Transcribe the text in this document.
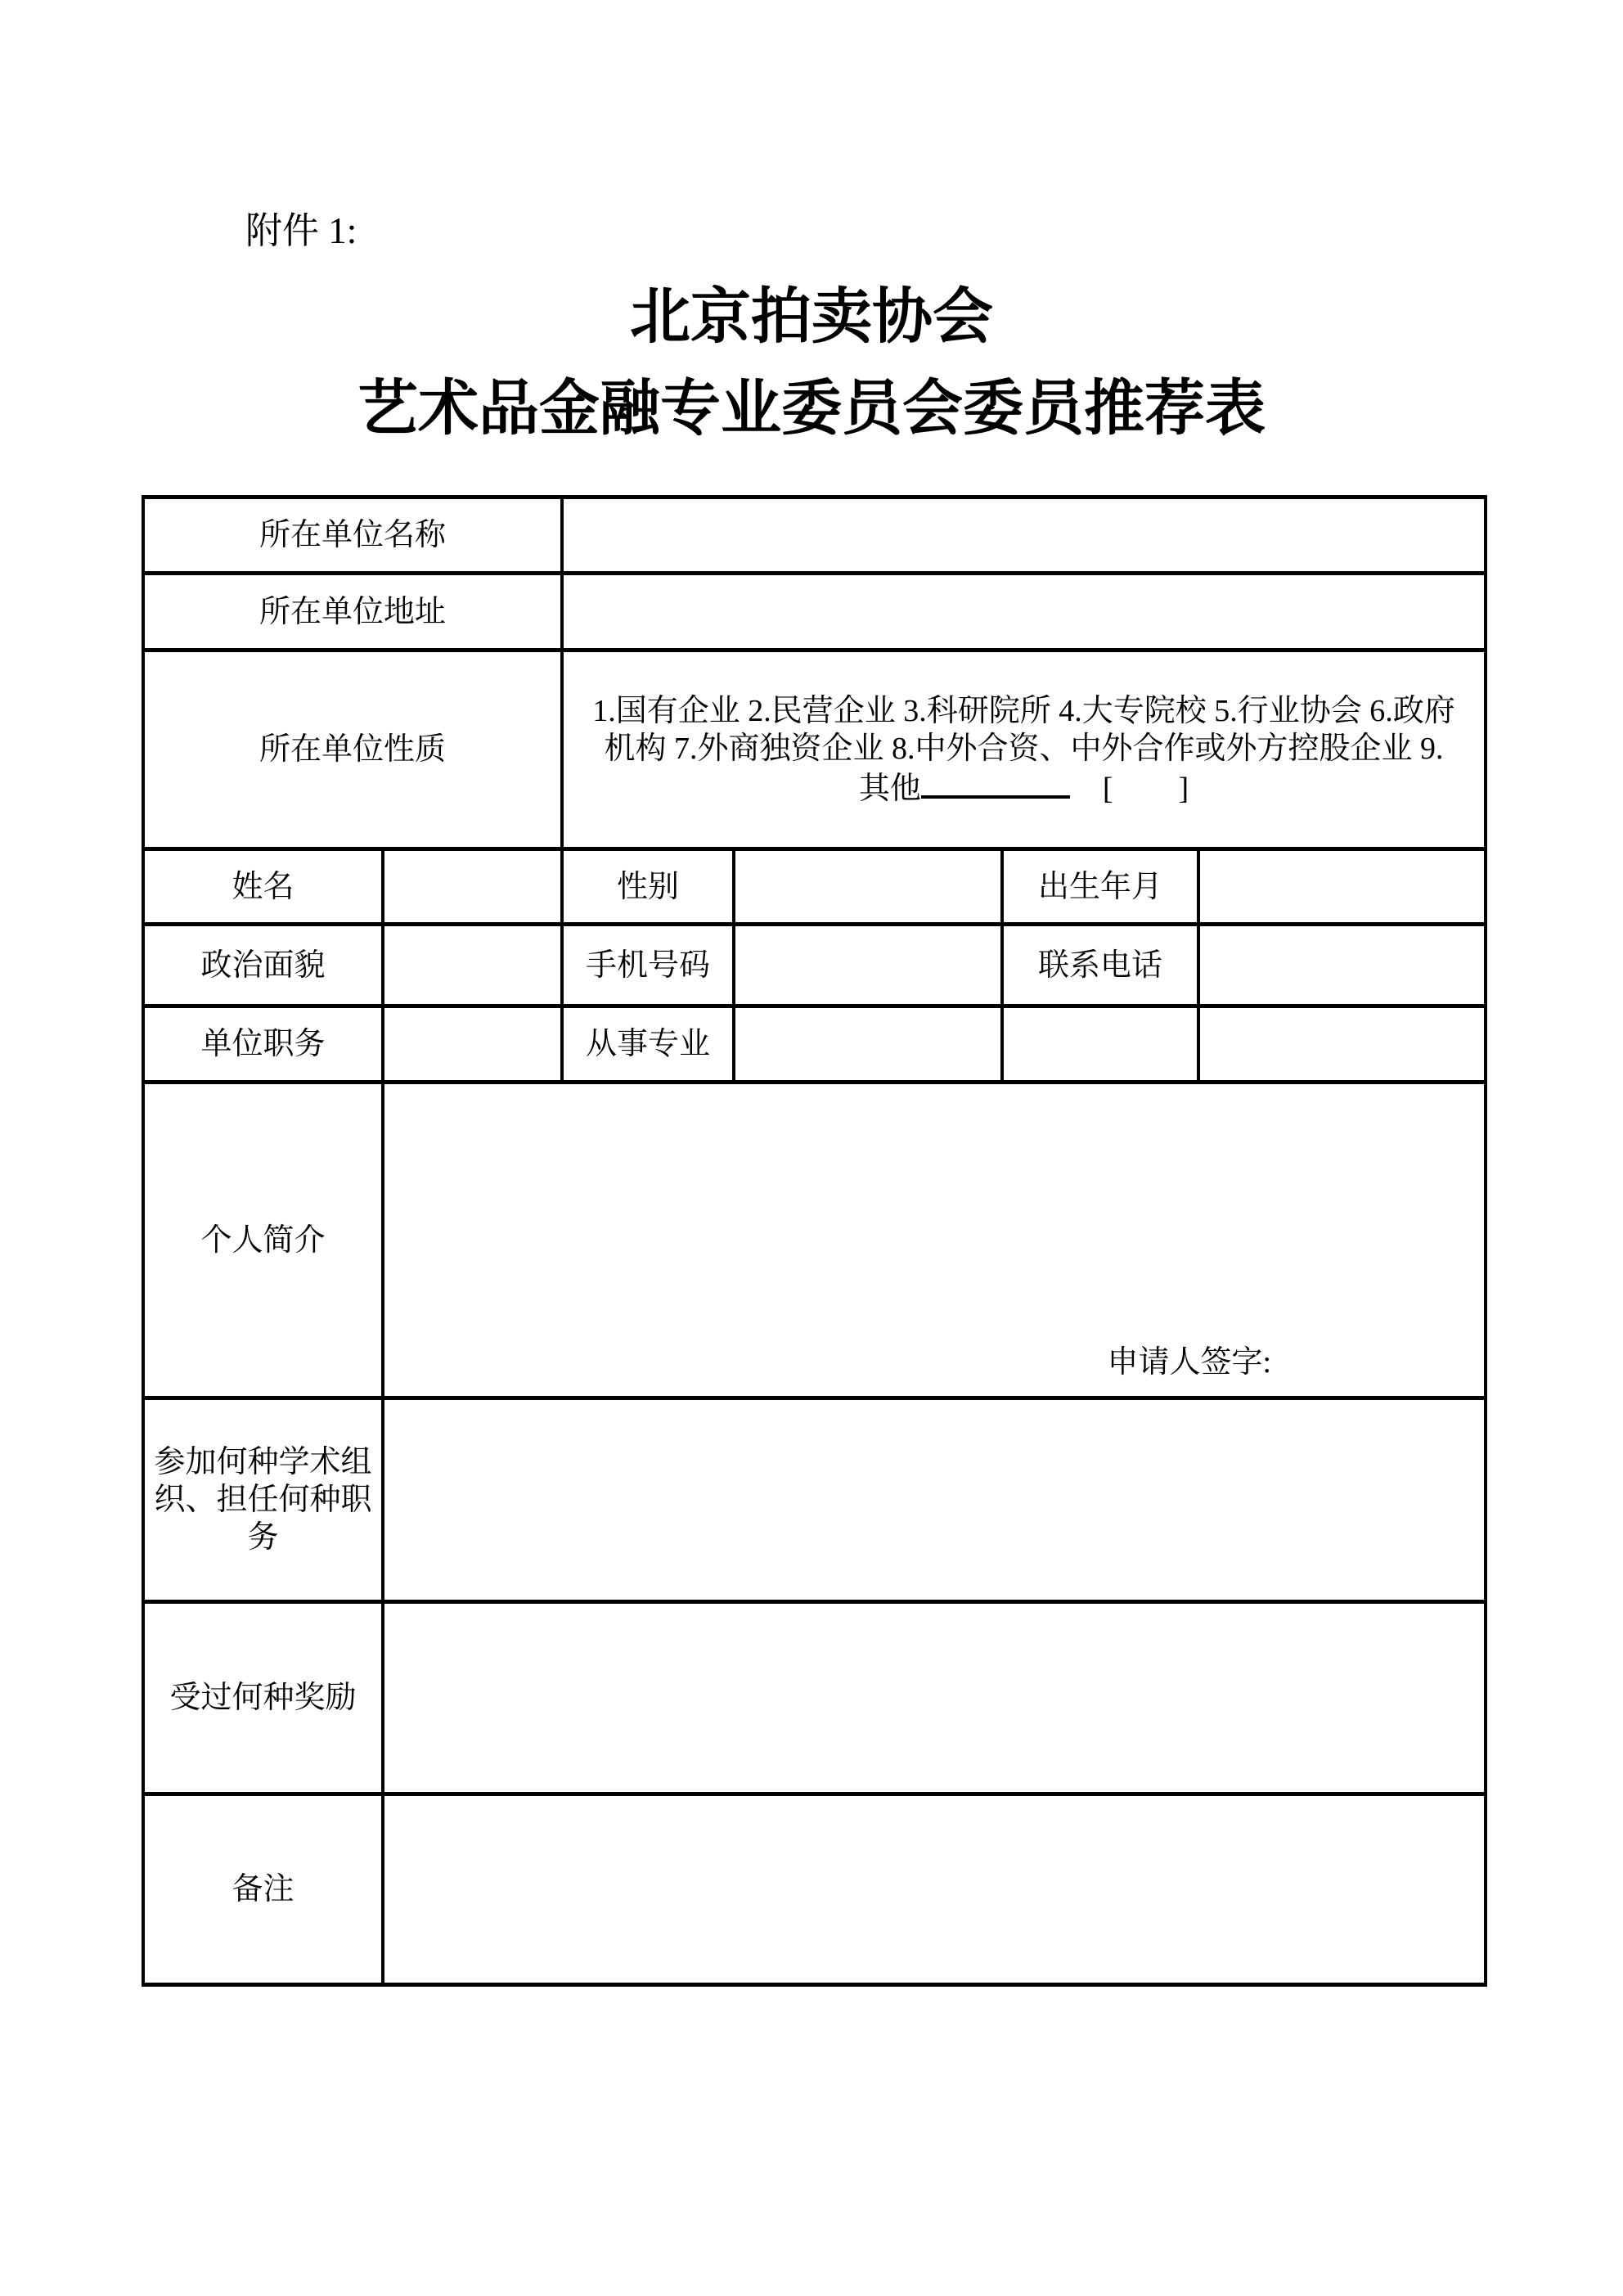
附件 1:
北京拍卖协会
艺术品金融专业委员会委员推荐表
所在单位名称					
所在单位地址					
所在单位性质		1.国有企业 2.民营企业 3.科研院所 4.大专院校 5.行业协会 6.政府
机构 7.外商独资企业 8.中外合资、中外合作或外方控股企业 9.
其他 [ ]			

姓名		性别		出生年月	
政治面貌		手机号码		联系电话	
单位职务		从事专业			
个人简介	申请人签字:				

参加何种学术组织、担任何种职务					
受过何种奖励					
备注					
